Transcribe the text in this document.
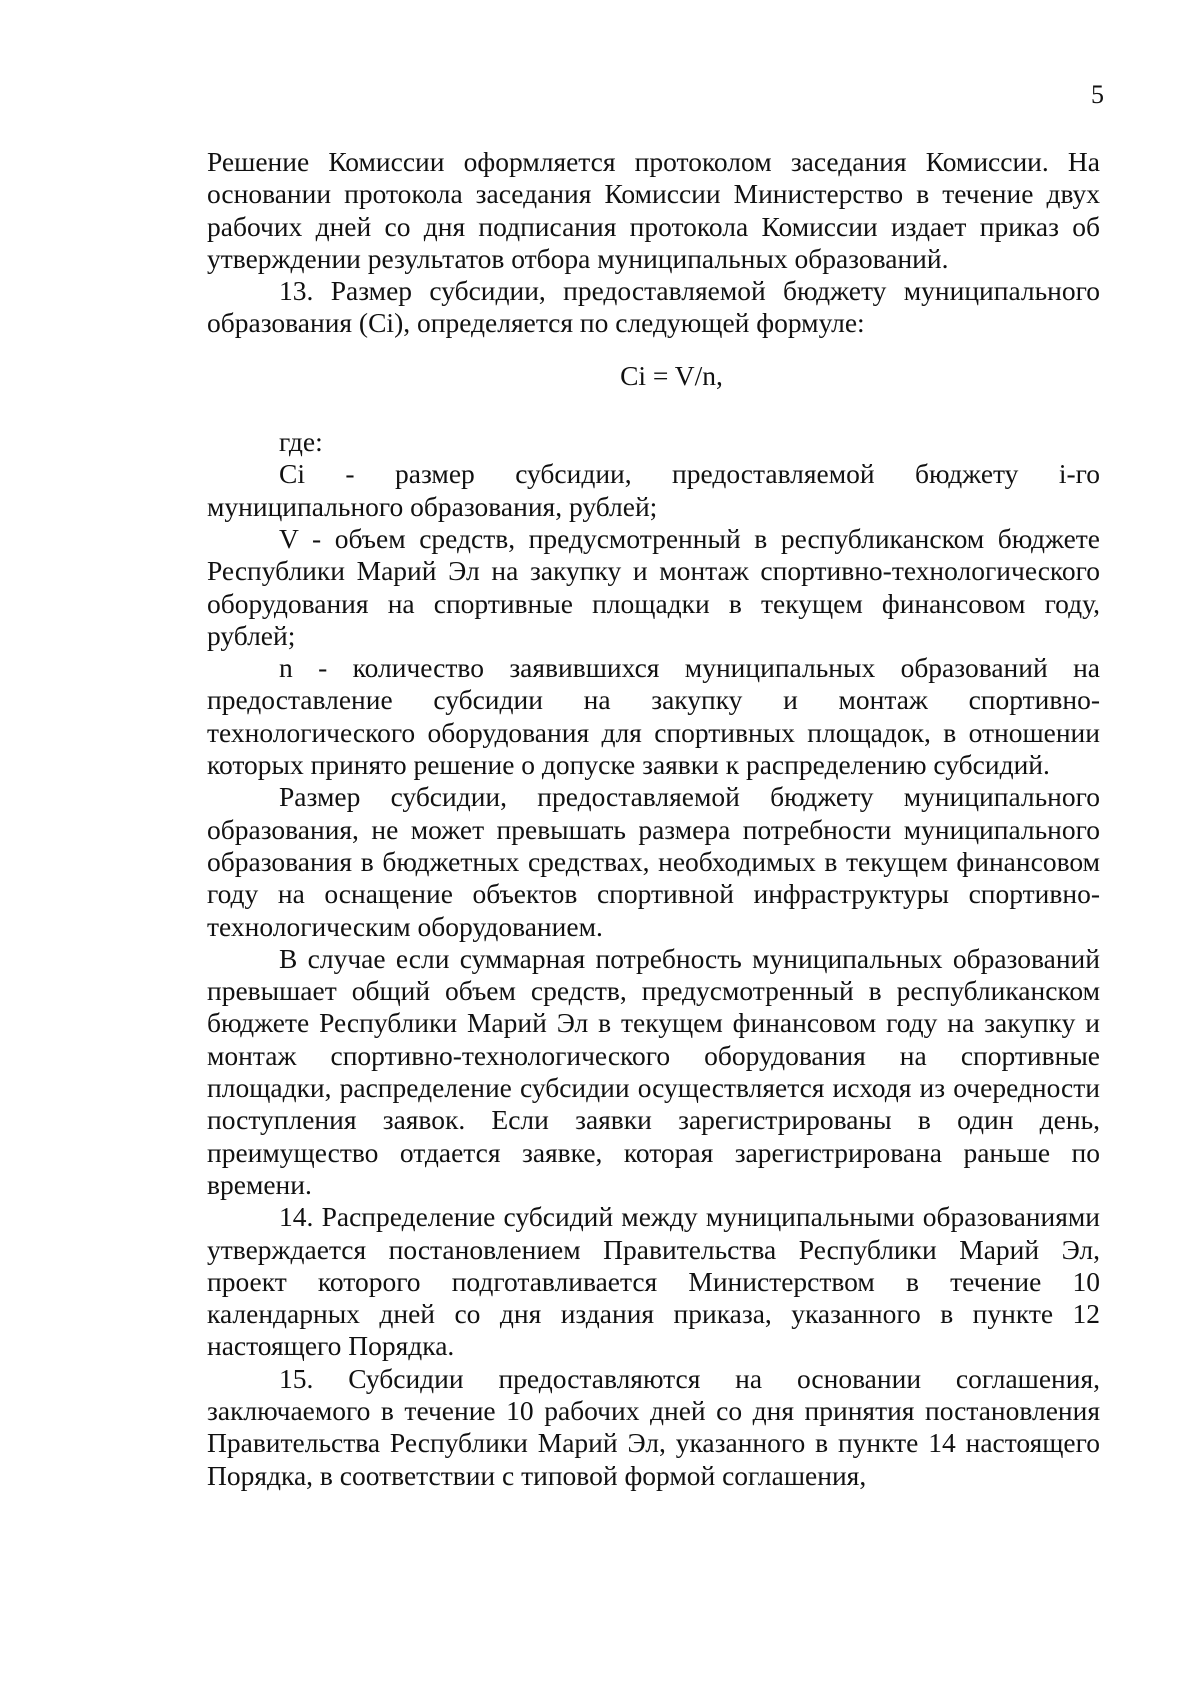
5

Решение Комиссии оформляется протоколом заседания Комиссии. На основании протокола заседания Комиссии Министерство в течение двух рабочих дней со дня подписания протокола Комиссии издает приказ об утверждении результатов отбора муниципальных образований.

13. Размер субсидии, предоставляемой бюджету муниципального образования (Ci), определяется по следующей формуле:

Ci = V/n,

где:

Ci - размер субсидии, предоставляемой бюджету i-го муниципального образования, рублей;

V - объем средств, предусмотренный в республиканском бюджете Республики Марий Эл на закупку и монтаж спортивно-технологического оборудования на спортивные площадки в текущем финансовом году, рублей;

n - количество заявившихся муниципальных образований на предоставление субсидии на закупку и монтаж спортивно-технологического оборудования для спортивных площадок, в отношении которых принято решение о допуске заявки к распределению субсидий.

Размер субсидии, предоставляемой бюджету муниципального образования, не может превышать размера потребности муниципального образования в бюджетных средствах, необходимых в текущем финансовом году на оснащение объектов спортивной инфраструктуры спортивно-технологическим оборудованием.

В случае если суммарная потребность муниципальных образований превышает общий объем средств, предусмотренный в республиканском бюджете Республики Марий Эл в текущем финансовом году на закупку и монтаж спортивно-технологического оборудования на спортивные площадки, распределение субсидии осуществляется исходя из очередности поступления заявок. Если заявки зарегистрированы в один день, преимущество отдается заявке, которая зарегистрирована раньше по времени.

14. Распределение субсидий между муниципальными образованиями утверждается постановлением Правительства Республики Марий Эл, проект которого подготавливается Министерством в течение 10 календарных дней со дня издания приказа, указанного в пункте 12 настоящего Порядка.

15. Субсидии предоставляются на основании соглашения, заключаемого в течение 10 рабочих дней со дня принятия постановления Правительства Республики Марий Эл, указанного в пункте 14 настоящего Порядка, в соответствии с типовой формой соглашения,
